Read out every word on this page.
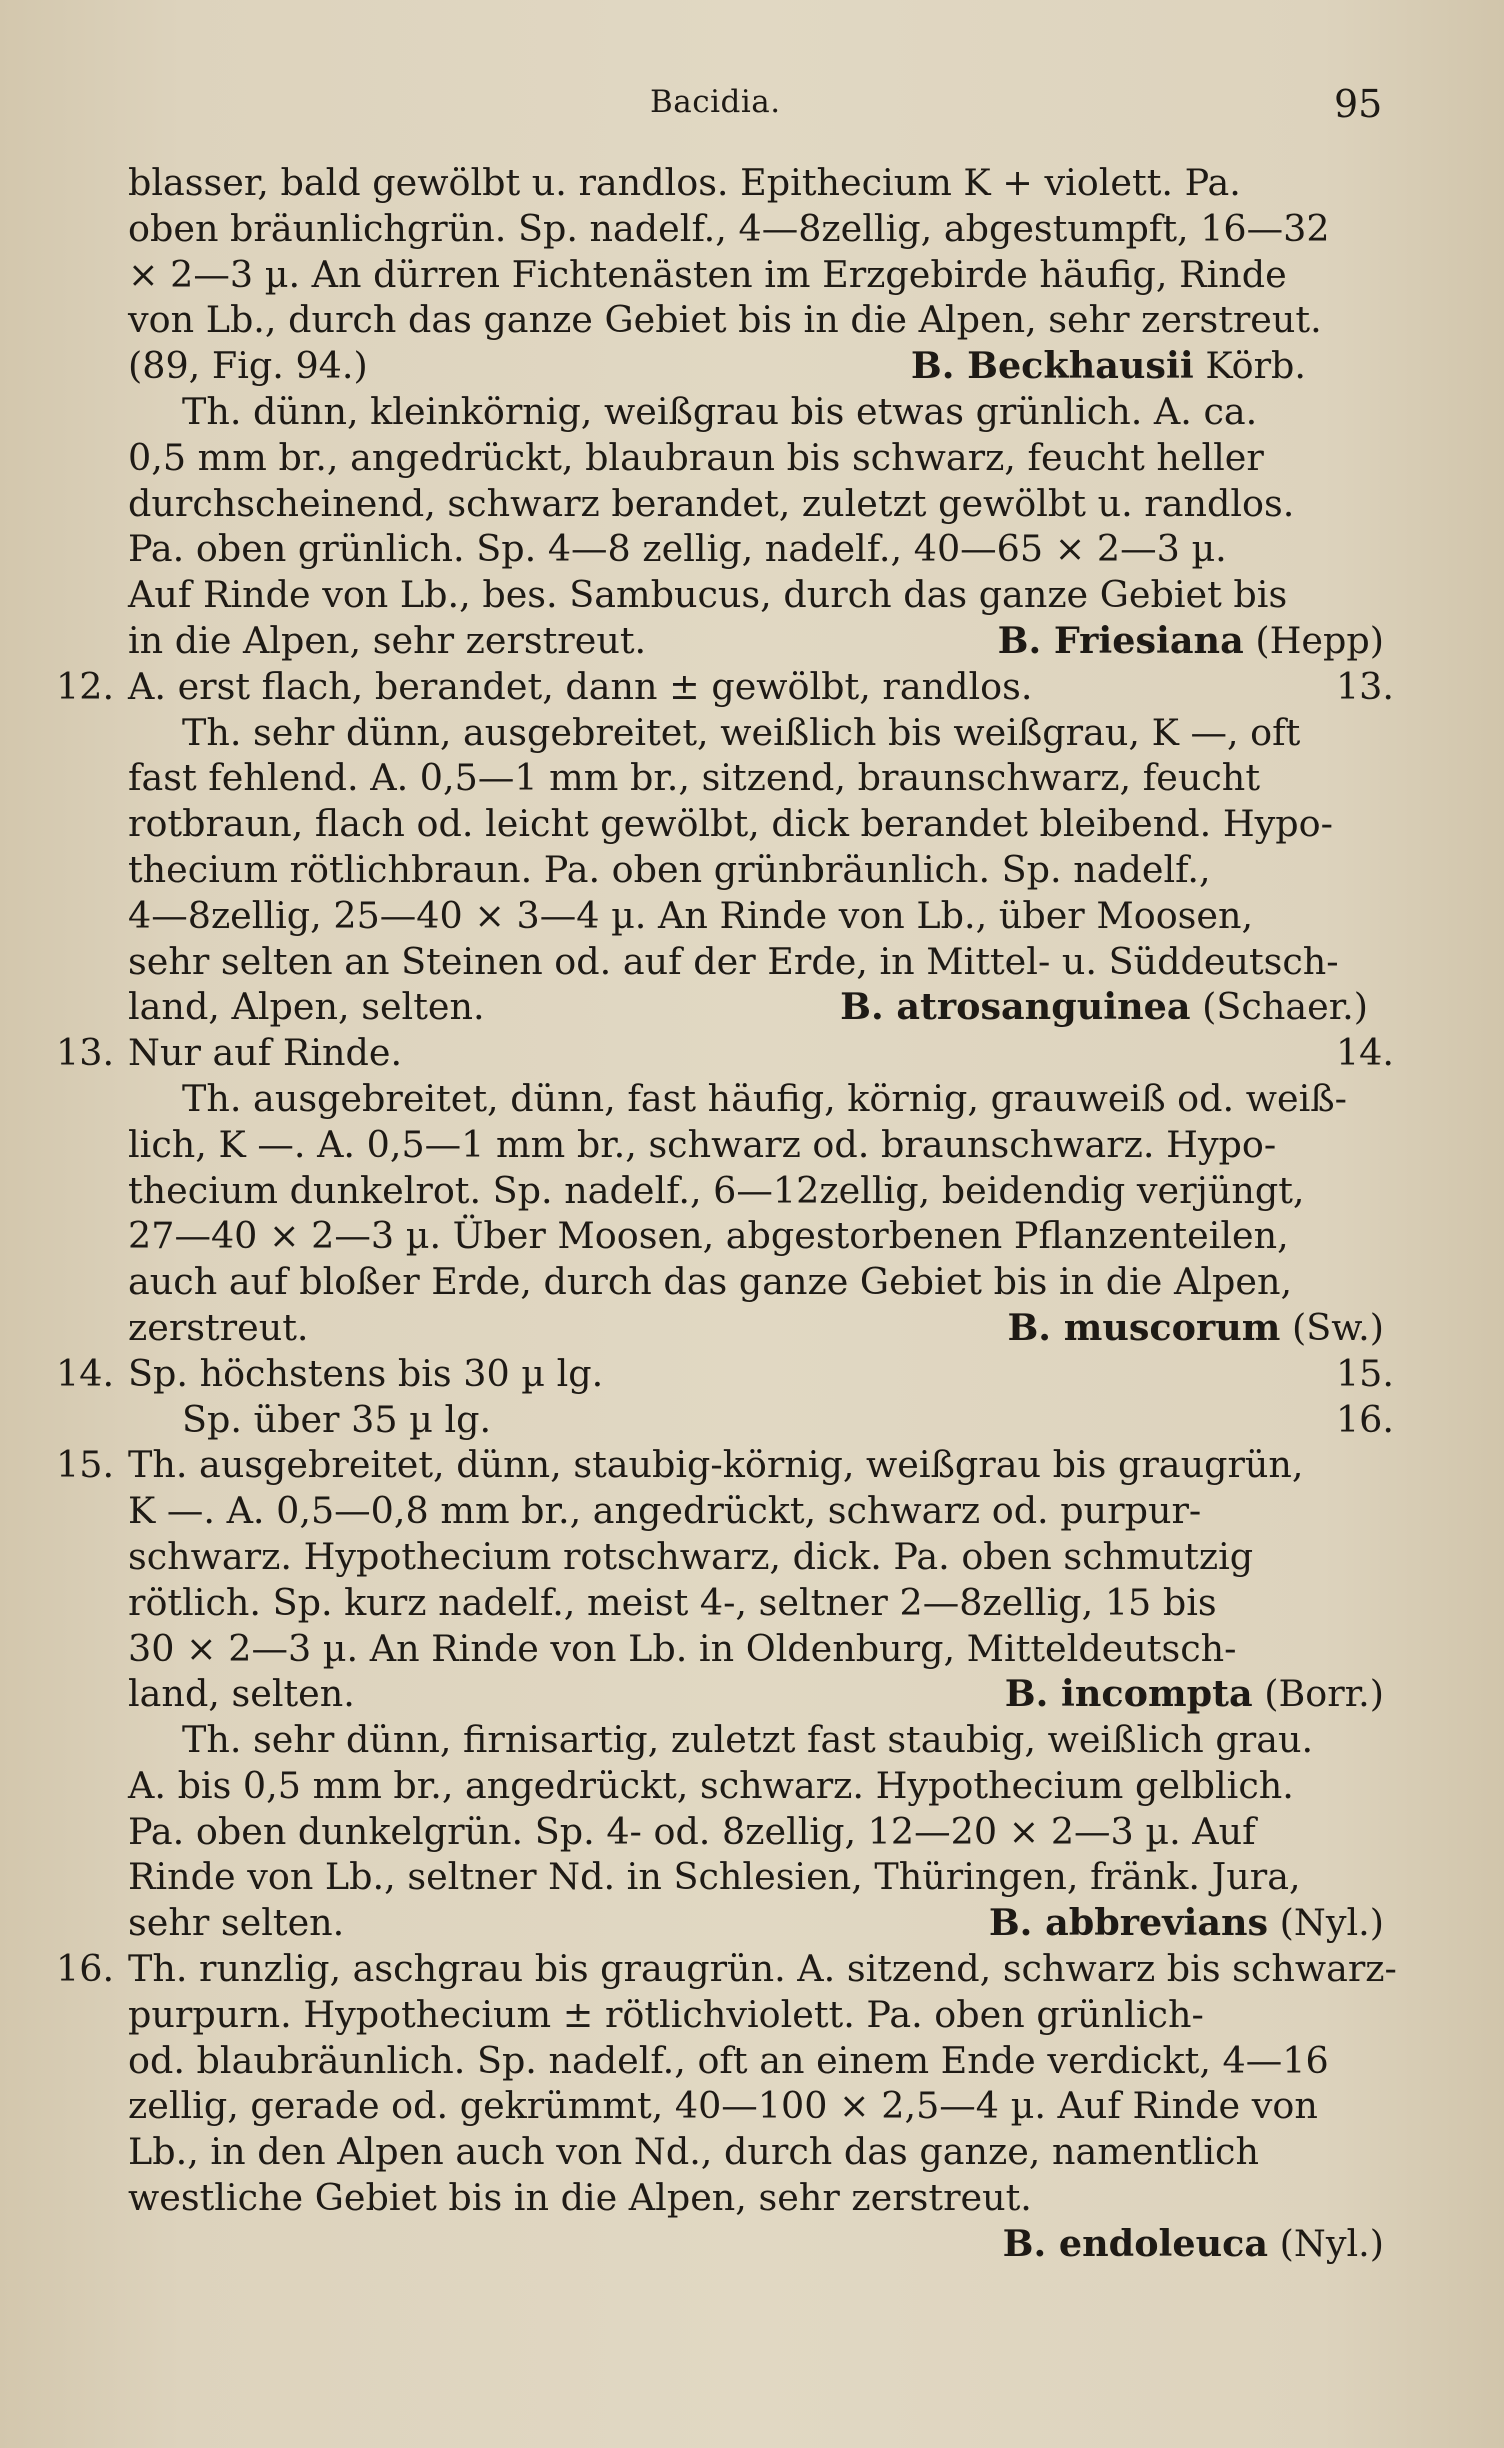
Bacidia.	95
blasser, bald gewölbt u. randlos. Epithecium K + violett. Pa.
oben bräunlichgrün. Sp. nadelf., 4—8zellig, abgestumpft, 16—32
× 2—3 µ. An dürren Fichtenästen im Erzgebirde häufig, Rinde
von Lb., durch das ganze Gebiet bis in die Alpen, sehr zerstreut.
(89, Fig. 94.)	B. Beckhausii Körb.
Th. dünn, kleinkörnig, weißgrau bis etwas grünlich. A. ca.
0,5 mm br., angedrückt, blaubraun bis schwarz, feucht heller
durchscheinend, schwarz berandet, zuletzt gewölbt u. randlos.
Pa. oben grünlich. Sp. 4—8 zellig, nadelf., 40—65 × 2—3 µ.
Auf Rinde von Lb., bes. Sambucus, durch das ganze Gebiet bis
in die Alpen, sehr zerstreut.	B. Friesiana (Hepp)
12. A. erst flach, berandet, dann ± gewölbt, randlos.	13.
Th. sehr dünn, ausgebreitet, weißlich bis weißgrau, K —, oft
fast fehlend. A. 0,5—1 mm br., sitzend, braunschwarz, feucht
rotbraun, flach od. leicht gewölbt, dick berandet bleibend. Hypo-
thecium rötlichbraun. Pa. oben grünbräunlich. Sp. nadelf.,
4—8zellig, 25—40 × 3—4 µ. An Rinde von Lb., über Moosen,
sehr selten an Steinen od. auf der Erde, in Mittel- u. Süddeutsch-
land, Alpen, selten.	B. atrosanguinea (Schaer.)
13. Nur auf Rinde.	14.
Th. ausgebreitet, dünn, fast häufig, körnig, grauweiß od. weiß-
lich, K —. A. 0,5—1 mm br., schwarz od. braunschwarz. Hypo-
thecium dunkelrot. Sp. nadelf., 6—12zellig, beidendig verjüngt,
27—40 × 2—3 µ. Über Moosen, abgestorbenen Pflanzenteilen,
auch auf bloßer Erde, durch das ganze Gebiet bis in die Alpen,
zerstreut.	B. muscorum (Sw.)
14. Sp. höchstens bis 30 µ lg.	15.
Sp. über 35 µ lg.	16.
15. Th. ausgebreitet, dünn, staubig-körnig, weißgrau bis graugrün,
K —. A. 0,5—0,8 mm br., angedrückt, schwarz od. purpur-
schwarz. Hypothecium rotschwarz, dick. Pa. oben schmutzig
rötlich. Sp. kurz nadelf., meist 4-, seltner 2—8zellig, 15 bis
30 × 2—3 µ. An Rinde von Lb. in Oldenburg, Mitteldeutsch-
land, selten.	B. incompta (Borr.)
Th. sehr dünn, firnisartig, zuletzt fast staubig, weißlich grau.
A. bis 0,5 mm br., angedrückt, schwarz. Hypothecium gelblich.
Pa. oben dunkelgrün. Sp. 4- od. 8zellig, 12—20 × 2—3 µ. Auf
Rinde von Lb., seltner Nd. in Schlesien, Thüringen, fränk. Jura,
sehr selten.	B. abbrevians (Nyl.)
16. Th. runzlig, aschgrau bis graugrün. A. sitzend, schwarz bis schwarz-
purpurn. Hypothecium ± rötlichviolett. Pa. oben grünlich-
od. blaubräunlich. Sp. nadelf., oft an einem Ende verdickt, 4—16
zellig, gerade od. gekrümmt, 40—100 × 2,5—4 µ. Auf Rinde von
Lb., in den Alpen auch von Nd., durch das ganze, namentlich
westliche Gebiet bis in die Alpen, sehr zerstreut.
B. endoleuca (Nyl.)
